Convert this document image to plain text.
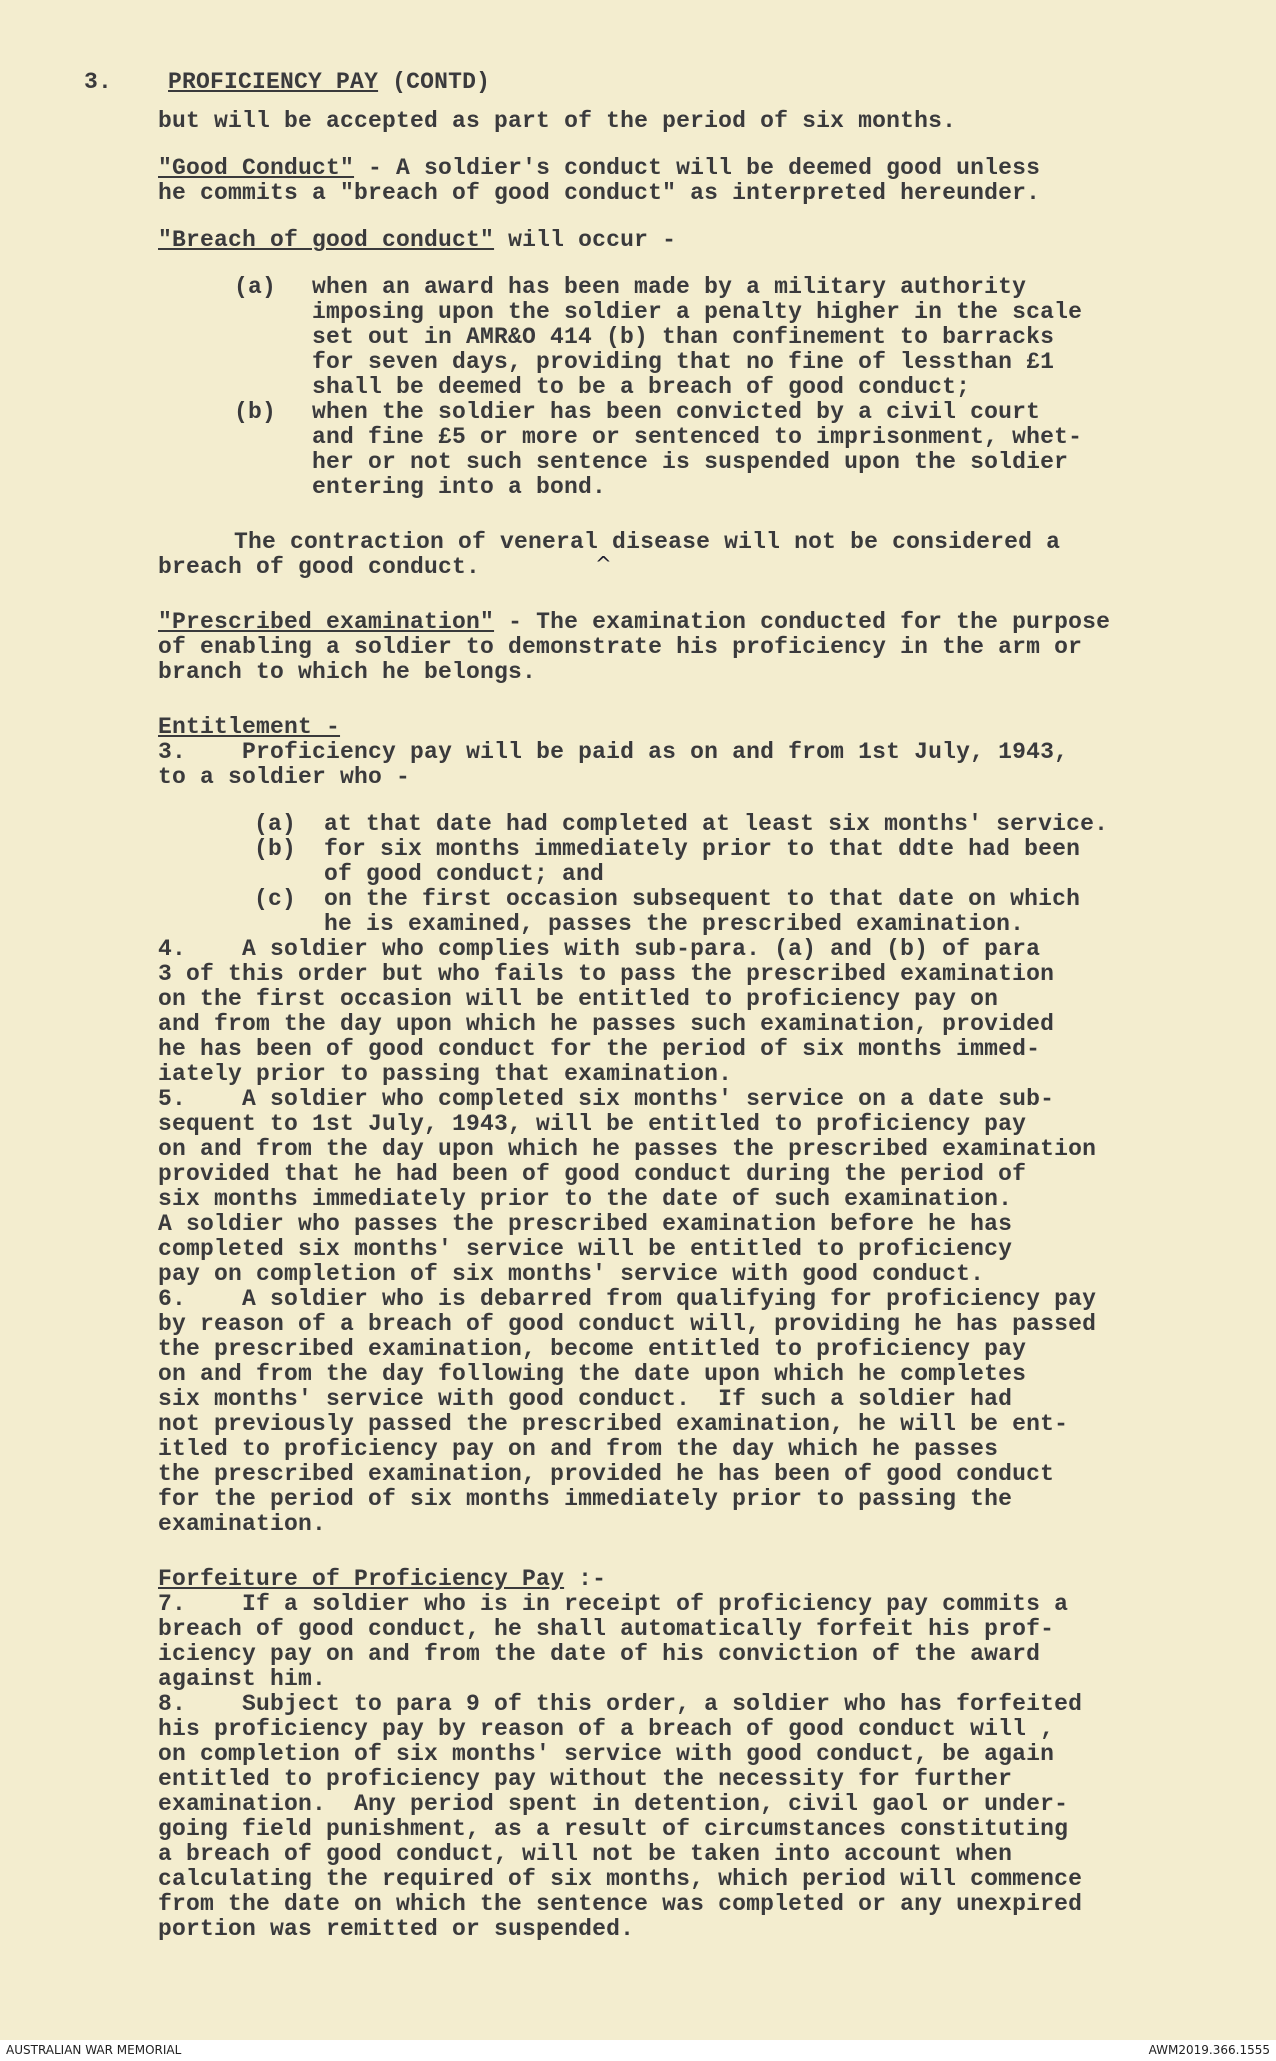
3. PROFICIENCY PAY (CONTD)

but will be accepted as part of the period of six months.

"Good Conduct" - A soldier's conduct will be deemed good unless

he commits a "breach of good conduct" as interpreted hereunder.

"Breach of good conduct" will occur -

(a)	when an award has been made by a military authority

imposing upon the soldier a penalty higher in the scale

set out in AMR&O 414 (b) than confinement to barracks

for seven days, providing that no fine of lessthan £1

shall be deemed to be a breach of good conduct;

(b)	when the soldier has been convicted by a civil court

and fine £5 or more or sentenced to imprisonment, whet-

her or not such sentence is suspended upon the soldier

entering into a bond.

The contraction of veneral disease will not be considered a

breach of good conduct.	^

"Prescribed examination" - The examination conducted for the purpose

of enabling a soldier to demonstrate his proficiency in the arm or

branch to which he belongs.

Entitlement -

3. Proficiency pay will be paid as on and from 1st July, 1943,

to a soldier who -

(a)	at that date had completed at least six months' service.

(b)	for six months immediately prior to that ddte had been

of good conduct; and

(c)	on the first occasion subsequent to that date on which

he is examined, passes the prescribed examination.

4.    A soldier who complies with sub-para. (a) and (b) of para

3 of this order but who fails to pass the prescribed examination

on the first occasion will be entitled to proficiency pay on

and from the day upon which he passes such examination, provided

he has been of good conduct for the period of six months immed-

iately prior to passing that examination.

5.    A soldier who completed six months' service on a date sub-

sequent to 1st July, 1943, will be entitled to proficiency pay

on and from the day upon which he passes the prescribed examination

provided that he had been of good conduct during the period of

six months immediately prior to the date of such examination.

A soldier who passes the prescribed examination before he has

completed six months' service will be entitled to proficiency

pay on completion of six months' service with good conduct.

6.    A soldier who is debarred from qualifying for proficiency pay

by reason of a breach of good conduct will, providing he has passed

the prescribed examination, become entitled to proficiency pay

on and from the day following the date upon which he completes

six months' service with good conduct.  If such a soldier had

not previously passed the prescribed examination, he will be ent-

itled to proficiency pay on and from the day which he passes

the prescribed examination, provided he has been of good conduct

for the period of six months immediately prior to passing the

examination.

Forfeiture of Proficiency Pay :-

7.    If a soldier who is in receipt of proficiency pay commits a

breach of good conduct, he shall automatically forfeit his prof-

iciency pay on and from the date of his conviction of the award

against him.

8.    Subject to para 9 of this order, a soldier who has forfeited

his proficiency pay by reason of a breach of good conduct will ,

on completion of six months' service with good conduct, be again

entitled to proficiency pay without the necessity for further

examination.  Any period spent in detention, civil gaol or under-

going field punishment, as a result of circumstances constituting

a breach of good conduct, will not be taken into account when

calculating the required of six months, which period will commence

from the date on which the sentence was completed or any unexpired

portion was remitted or suspended.

AUSTRALIAN WAR MEMORIAL	AWM2019.366.1555
